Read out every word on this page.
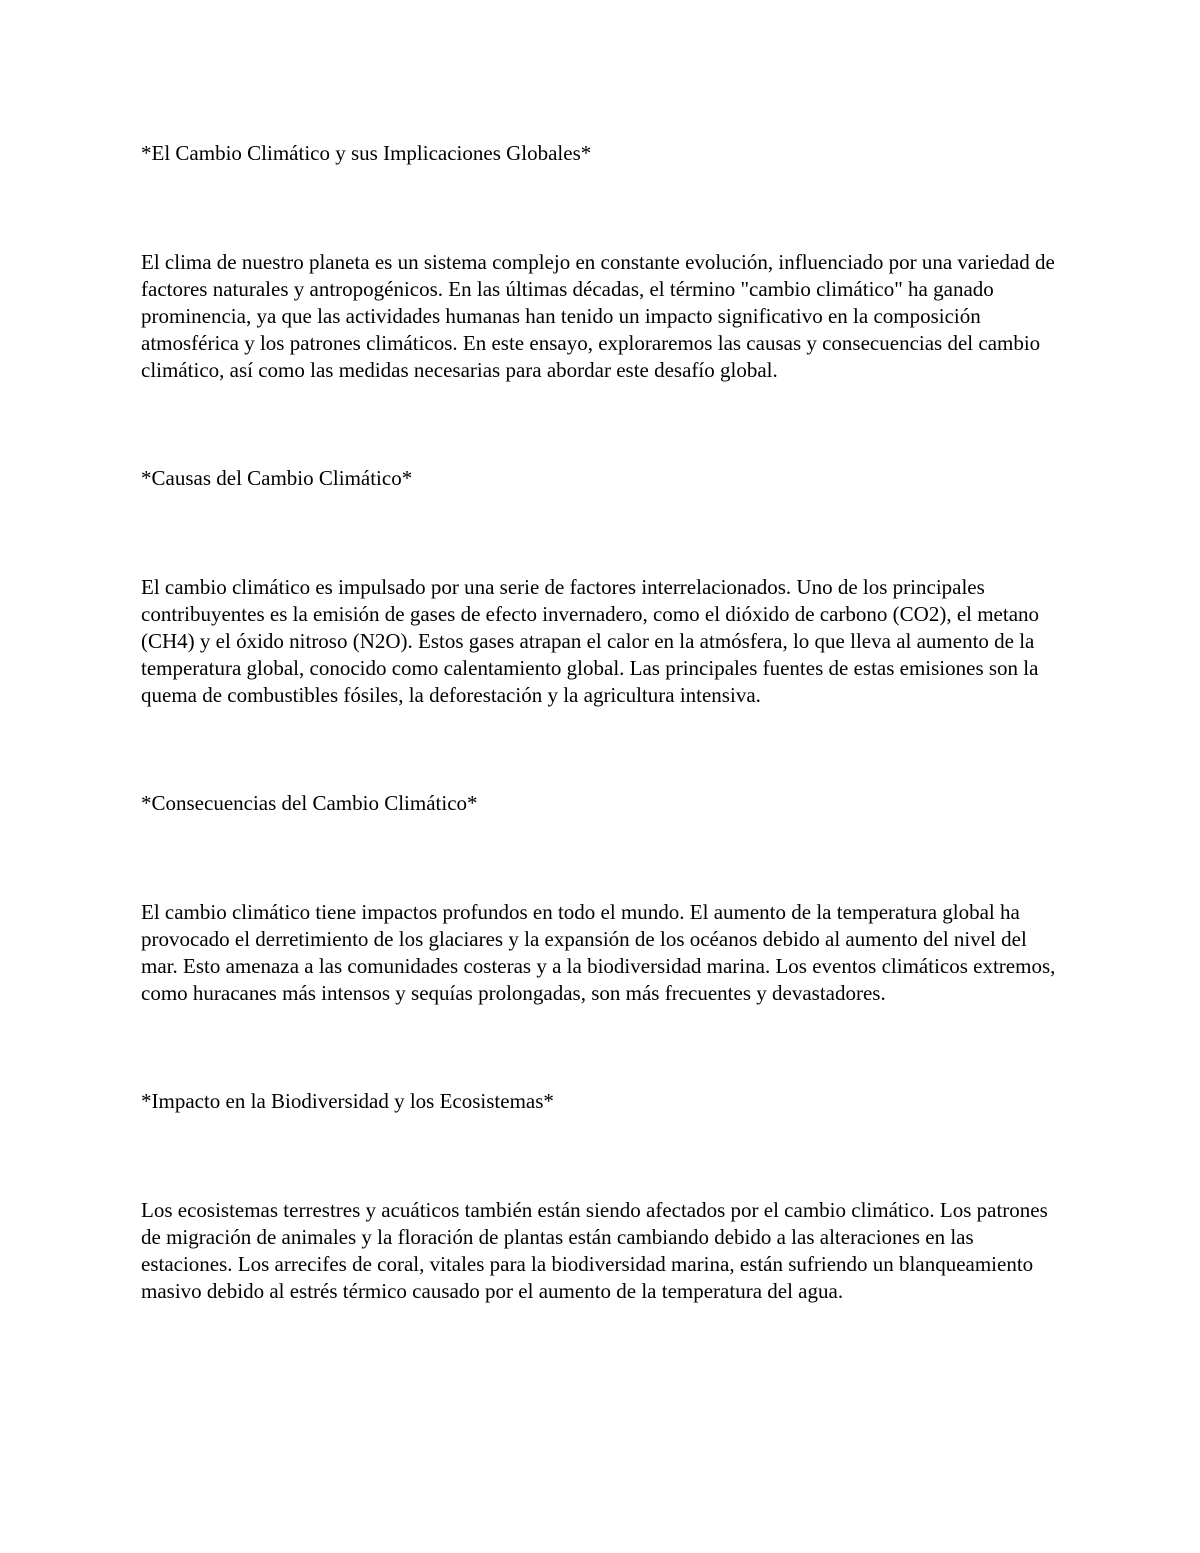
*El Cambio Climático y sus Implicaciones Globales*

El clima de nuestro planeta es un sistema complejo en constante evolución, influenciado por una variedad de factores naturales y antropogénicos. En las últimas décadas, el término "cambio climático" ha ganado prominencia, ya que las actividades humanas han tenido un impacto significativo en la composición atmosférica y los patrones climáticos. En este ensayo, exploraremos las causas y consecuencias del cambio climático, así como las medidas necesarias para abordar este desafío global.

*Causas del Cambio Climático*

El cambio climático es impulsado por una serie de factores interrelacionados. Uno de los principales contribuyentes es la emisión de gases de efecto invernadero, como el dióxido de carbono (CO2), el metano (CH4) y el óxido nitroso (N2O). Estos gases atrapan el calor en la atmósfera, lo que lleva al aumento de la temperatura global, conocido como calentamiento global. Las principales fuentes de estas emisiones son la quema de combustibles fósiles, la deforestación y la agricultura intensiva.

*Consecuencias del Cambio Climático*

El cambio climático tiene impactos profundos en todo el mundo. El aumento de la temperatura global ha provocado el derretimiento de los glaciares y la expansión de los océanos debido al aumento del nivel del mar. Esto amenaza a las comunidades costeras y a la biodiversidad marina. Los eventos climáticos extremos, como huracanes más intensos y sequías prolongadas, son más frecuentes y devastadores.

*Impacto en la Biodiversidad y los Ecosistemas*

Los ecosistemas terrestres y acuáticos también están siendo afectados por el cambio climático. Los patrones de migración de animales y la floración de plantas están cambiando debido a las alteraciones en las estaciones. Los arrecifes de coral, vitales para la biodiversidad marina, están sufriendo un blanqueamiento masivo debido al estrés térmico causado por el aumento de la temperatura del agua.
